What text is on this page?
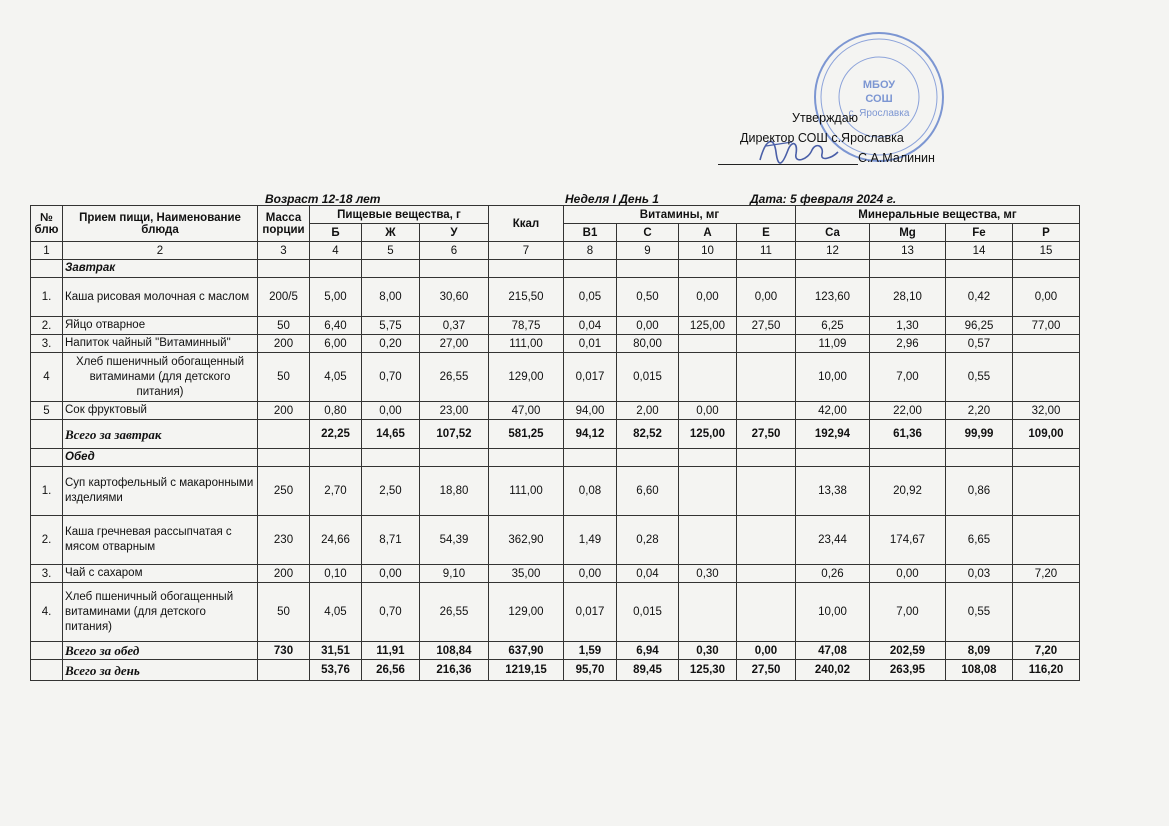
МБОУ
СОШ
с. Ярославка
Утверждаю
Директор СОШ с.Ярославка
С.А.Малинин
Возраст 12-18 лет	Неделя I День 1	Дата: 5 февраля 2024 г.
№ блю	Прием пищи, Наименование блюда	Масса порции	Пищевые вещества, г			Ккал	Витамины, мг				Минеральные вещества, мг			
			Б	Ж	У		В1	С	А	Е	Ca	Mg	Fe	P
1	2	3	4	5	6	7	8	9	10	11	12	13	14	15
	Завтрак													
1.	Каша рисовая молочная с маслом	200/5	5,00	8,00	30,60	215,50	0,05	0,50	0,00	0,00	123,60	28,10	0,42	0,00
2.	Яйцо отварное	50	6,40	5,75	0,37	78,75	0,04	0,00	125,00	27,50	6,25	1,30	96,25	77,00
3.	Напиток чайный "Витаминный"	200	6,00	0,20	27,00	111,00	0,01	80,00			11,09	2,96	0,57	
4	Хлеб пшеничный обогащенный витаминами (для детского питания)	50	4,05	0,70	26,55	129,00	0,017	0,015			10,00	7,00	0,55	
5	Сок фруктовый	200	0,80	0,00	23,00	47,00	94,00	2,00	0,00		42,00	22,00	2,20	32,00
	Всего за завтрак		22,25	14,65	107,52	581,25	94,12	82,52	125,00	27,50	192,94	61,36	99,99	109,00
	Обед													
1.	Суп картофельный с макаронными изделиями	250	2,70	2,50	18,80	111,00	0,08	6,60			13,38	20,92	0,86	
2.	Каша гречневая рассыпчатая с мясом отварным	230	24,66	8,71	54,39	362,90	1,49	0,28			23,44	174,67	6,65	
3.	Чай с сахаром	200	0,10	0,00	9,10	35,00	0,00	0,04	0,30		0,26	0,00	0,03	7,20
4.	Хлеб пшеничный обогащенный витаминами (для детского питания)	50	4,05	0,70	26,55	129,00	0,017	0,015			10,00	7,00	0,55	
	Всего за обед	730	31,51	11,91	108,84	637,90	1,59	6,94	0,30	0,00	47,08	202,59	8,09	7,20
	Всего за день		53,76	26,56	216,36	1219,15	95,70	89,45	125,30	27,50	240,02	263,95	108,08	116,20
